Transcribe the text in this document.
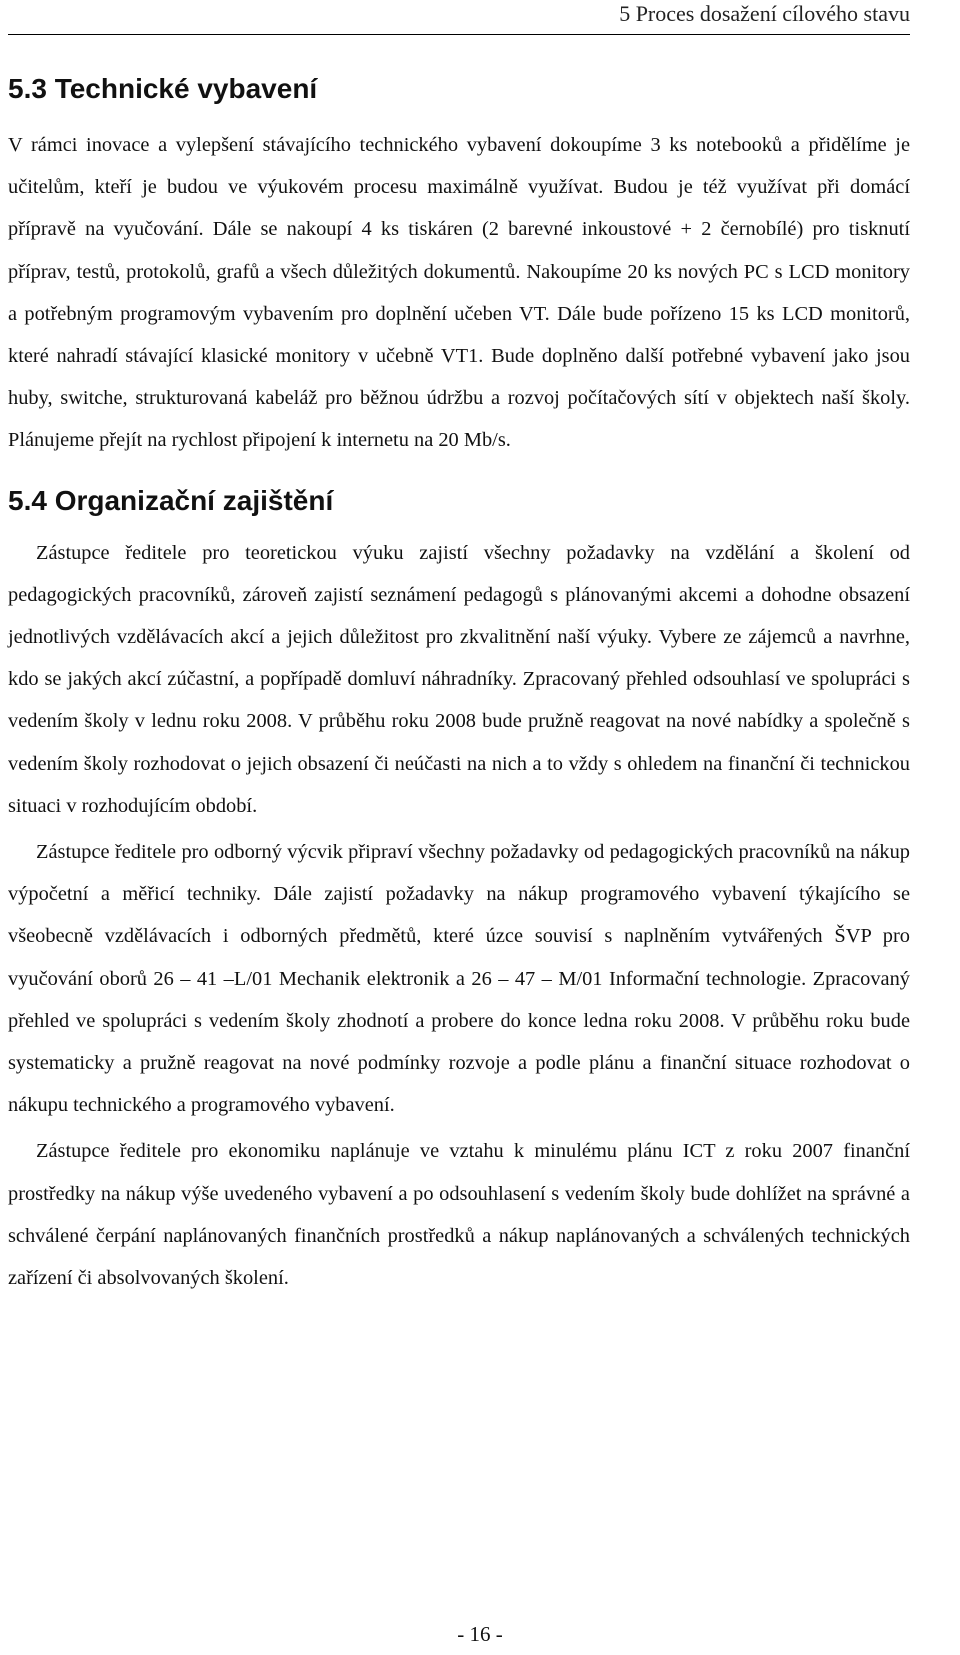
5 Proces dosažení cílového stavu
5.3 Technické vybavení

V rámci inovace a vylepšení stávajícího technického vybavení dokoupíme 3 ks notebooků a přidělíme je učitelům, kteří je budou ve výukovém procesu maximálně využívat. Budou je též využívat při domácí přípravě na vyučování. Dále se nakoupí 4 ks tiskáren (2 barevné inkoustové + 2 černobílé) pro tisknutí příprav, testů, protokolů, grafů a všech důležitých dokumentů. Nakoupíme 20 ks nových PC s LCD monitory a potřebným programovým vybavením pro doplnění učeben VT. Dále bude pořízeno 15 ks LCD monitorů, které nahradí stávající klasické monitory v učebně VT1. Bude doplněno další potřebné vybavení jako jsou huby, switche, strukturovaná kabeláž pro běžnou údržbu a rozvoj počítačových sítí v objektech naší školy. Plánujeme přejít na rychlost připojení k internetu na 20 Mb/s.

5.4 Organizační zajištění

Zástupce ředitele pro teoretickou výuku zajistí všechny požadavky na vzdělání a školení od pedagogických pracovníků, zároveň zajistí seznámení pedagogů s plánovanými akcemi a dohodne obsazení jednotlivých vzdělávacích akcí a jejich důležitost pro zkvalitnění naší výuky. Vybere ze zájemců a navrhne, kdo se jakých akcí zúčastní, a popřípadě domluví náhradníky. Zpracovaný přehled odsouhlasí ve spolupráci s vedením školy v lednu roku 2008. V průběhu roku 2008 bude pružně reagovat na nové nabídky a společně s vedením školy rozhodovat o jejich obsazení či neúčasti na nich a to vždy s ohledem na finanční či technickou situaci v rozhodujícím období.

Zástupce ředitele pro odborný výcvik připraví všechny požadavky od pedagogických pracovníků na nákup výpočetní a měřicí techniky. Dále zajistí požadavky na nákup programového vybavení týkajícího se všeobecně vzdělávacích i odborných předmětů, které úzce souvisí s naplněním vytvářených ŠVP pro vyučování oborů 26 – 41 –L/01 Mechanik elektronik a 26 – 47 – M/01 Informační technologie. Zpracovaný přehled ve spolupráci s vedením školy zhodnotí a probere do konce ledna roku 2008. V průběhu roku bude systematicky a pružně reagovat na nové podmínky rozvoje a podle plánu a finanční situace rozhodovat o nákupu technického a programového vybavení.

Zástupce ředitele pro ekonomiku naplánuje ve vztahu k minulému plánu ICT z roku 2007 finanční prostředky na nákup výše uvedeného vybavení a po odsouhlasení s vedením školy bude dohlížet na správné a schválené čerpání naplánovaných finančních prostředků a nákup naplánovaných a schválených technických zařízení či absolvovaných školení.

- 16 -
